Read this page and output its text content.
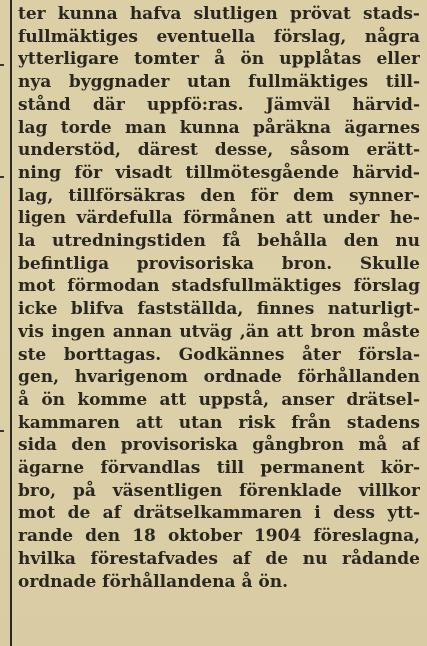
ter kunna hafva slutligen prövat stads-
fullmäktiges eventuella förslag, några
ytterligare tomter å ön upplåtas eller
nya byggnader utan fullmäktiges till-
stånd där uppfö:ras. Jämväl härvid-
lag torde man kunna påräkna ägarnes
understöd, därest desse, såsom erätt-
ning för visadt tillmötesgående härvid-
lag, tillförsäkras den för dem synner-
ligen värdefulla förmånen att under he-
la utredningstiden få behålla den nu
befintliga provisoriska bron. Skulle
mot förmodan stadsfullmäktiges förslag
icke blifva fastställda, finnes naturligt-
vis ingen annan utväg ,än att bron måste
ste borttagas. Godkännes åter försla-
gen, hvarigenom ordnade förhållanden
å ön komme att uppstå, anser drätsel-
kammaren att utan risk från stadens
sida den provisoriska gångbron må af
ägarne förvandlas till permanent kör-
bro, på väsentligen förenklade villkor
mot de af drätselkammaren i dess ytt-
rande den 18 oktober 1904 föreslagna,
hvilka förestafvades af de nu rådande
ordnade förhållandena å ön.
